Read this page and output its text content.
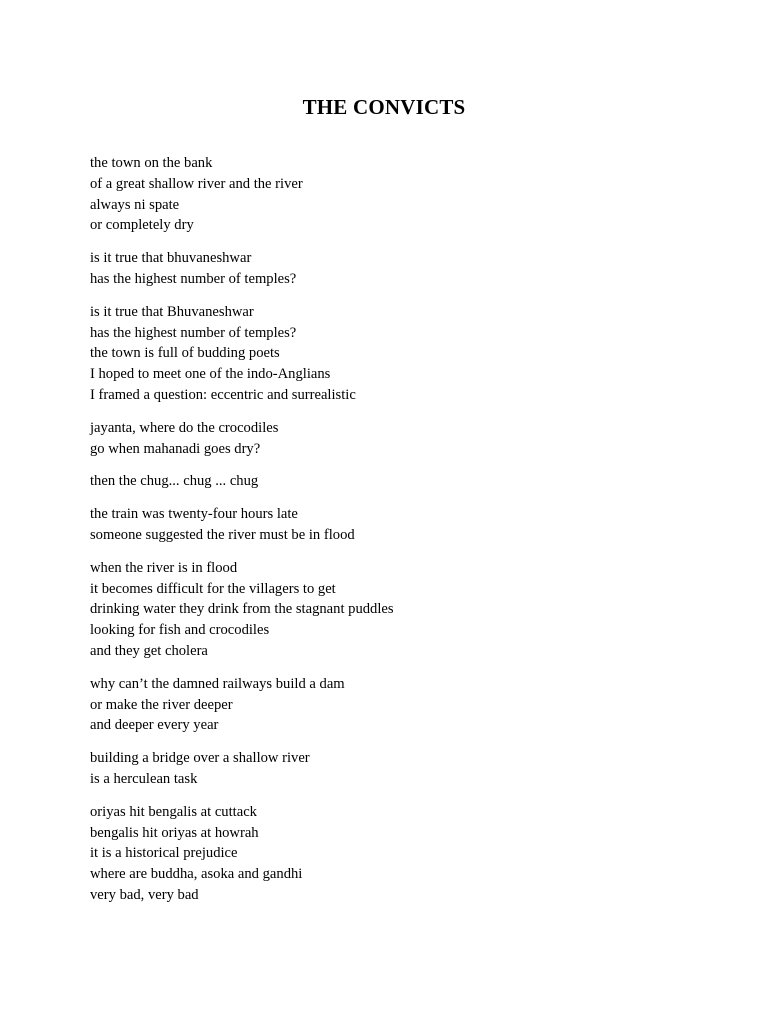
THE CONVICTS
the town on the bank
of a great shallow river and the river
always ni spate
or completely dry
is it true that bhuvaneshwar
has the highest number of temples?
is it true that Bhuvaneshwar
has the highest number of temples?
the town is full of budding poets
I hoped to meet one of the indo-Anglians
I framed a question: eccentric and surrealistic
jayanta, where do the crocodiles
go when mahanadi goes dry?
then the chug... chug ... chug
the train was twenty-four hours late
someone suggested the river must be in flood
when the river is in flood
it becomes difficult for the villagers to get
drinking water they drink from the stagnant puddles
looking for fish and crocodiles
and they get cholera
why can’t the damned railways build a dam
or make the river deeper
and deeper every year
building a bridge over a shallow river
is a herculean task
oriyas hit bengalis at cuttack
bengalis hit oriyas at howrah
it is a historical prejudice
where are buddha, asoka and gandhi
very bad, very bad
